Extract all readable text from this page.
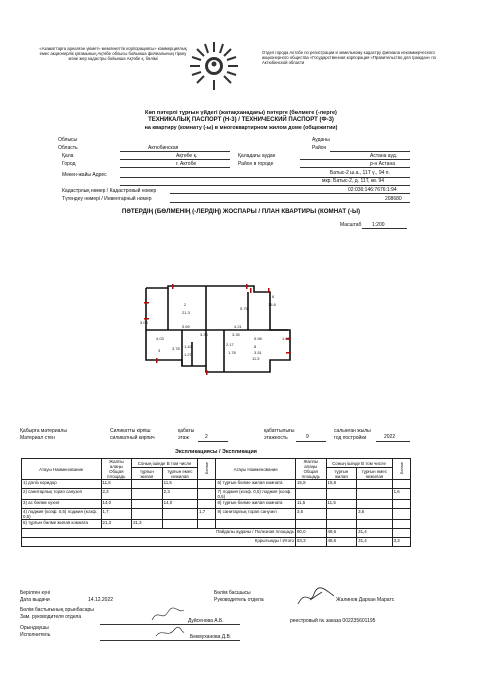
«Азаматтарға арналған үкімет» мемлекеттік корпорациясы» коммерциялық емес акционерлік қоғамының Ақтөбе облысы бойынша филиалының тіркеу және жер кадастры бойынша Ақтөбе қ. бөлімі
Отдел города Актобе по регистрации и земельному кадастру филиала некоммерческого акционерного общества «Государственная корпорация «Правительство для граждан» по Актюбинской области
Көп пәтерлі тұрғын үйдегі (жатақханадағы) пәтерге (бөлмеге (-лерге)
ТЕХНИКАЛЫҚ ПАСПОРТ (Н-3) / ТЕХНИЧЕСКИЙ ПАСПОРТ (Ф-3)
на квартиру (комнату (-ы) в многоквартирном жилом доме (общежитии)
Облысы
Область	Актюбинская
Ауданы
Район
Қала
Город
Ақтөбе қ.
г. Актобе
Қаладағы аудан
Район в городе
Астана ауд.
р-н Астана
Мекен-жайы Адрес	Батыс-2 ш.а., 11Т ү., 94 п.
мкр. Батыс-2, д. 11Т, кв. 94
Кадастрлық нөмер / Кадастровый номер	02:036:146:7676:1:94
Түгендеу нөмері / Инвентарный номер	208680
ПӘТЕРДІҢ (БӨЛМЕНІҢ (-ЛЕРДІҢ) ЖОСПАРЫ / ПЛАН КВАРТИРЫ (КОМНАТ (-Ы)
Масштаб 1:200
2
21.3
6
15.8
5.69
3.33
4.21
4.03	5.98
3.35
1.42
1.27	1.78	3.51
2.17
1.02
3.78
3
8
11.5
5.75
3.03
Қабырға материалы
Материал стен
Силикатты кірпіш
силикатный кирпич
қабаты
этаж	2
қабаттылығы
этажность	9
салынған жылы
год постройки	2022
Экспликациясы / Экспликация
Атауы Наименование	Жалпы алаңы Общая площадь	Соның ішінде В том числе		Бөлме	Атауы Наименование	Жалпы алаңы Общая площадь	Соның ішінде В том числе		Бөлме
		тұрғын жилая	тұрғын емес нежилая				тұрғын жилая	тұрғын емес нежилая	
1) дәліз коридор	11,5		11,5		6) тұрғын бөлме жилая комната	15,8	15,8		
2) санитарлық торап санузел	2,3		2,3		7) лоджия (коэф. 0,5) лоджия (коэф. 0,5)				1,6
3) ас бөлме кухня	14,0		14,0		8) тұрғын бөлме жилая комната	11,5	11,5		
4) лоджия (коэф. 0,5) лоджия (коэф. 0,5)	1,7			1,7	9) санитарлық торап санузел	3,6		3,6	
5) тұрғын бөлме жилая комната	21,3	21,3							
Пайдалы ауданы / Полезная площадь						80,0	48,6	31,4	
Қорытынды / Итого						83,3	48,6	31,4	3,3
Берілген күні
Дата выдачи	14.12.2022
Бөлім бастығының орынбасары
Зам. руководителя отдела
Дүйсенова А.Б.
Орындаушы
Исполнитель	Бекмуханова Д.В.
Бөлім басшысы
Руководитель отдела	Жалинов Дархан Маратс
реестровый № заказа 002235601195
